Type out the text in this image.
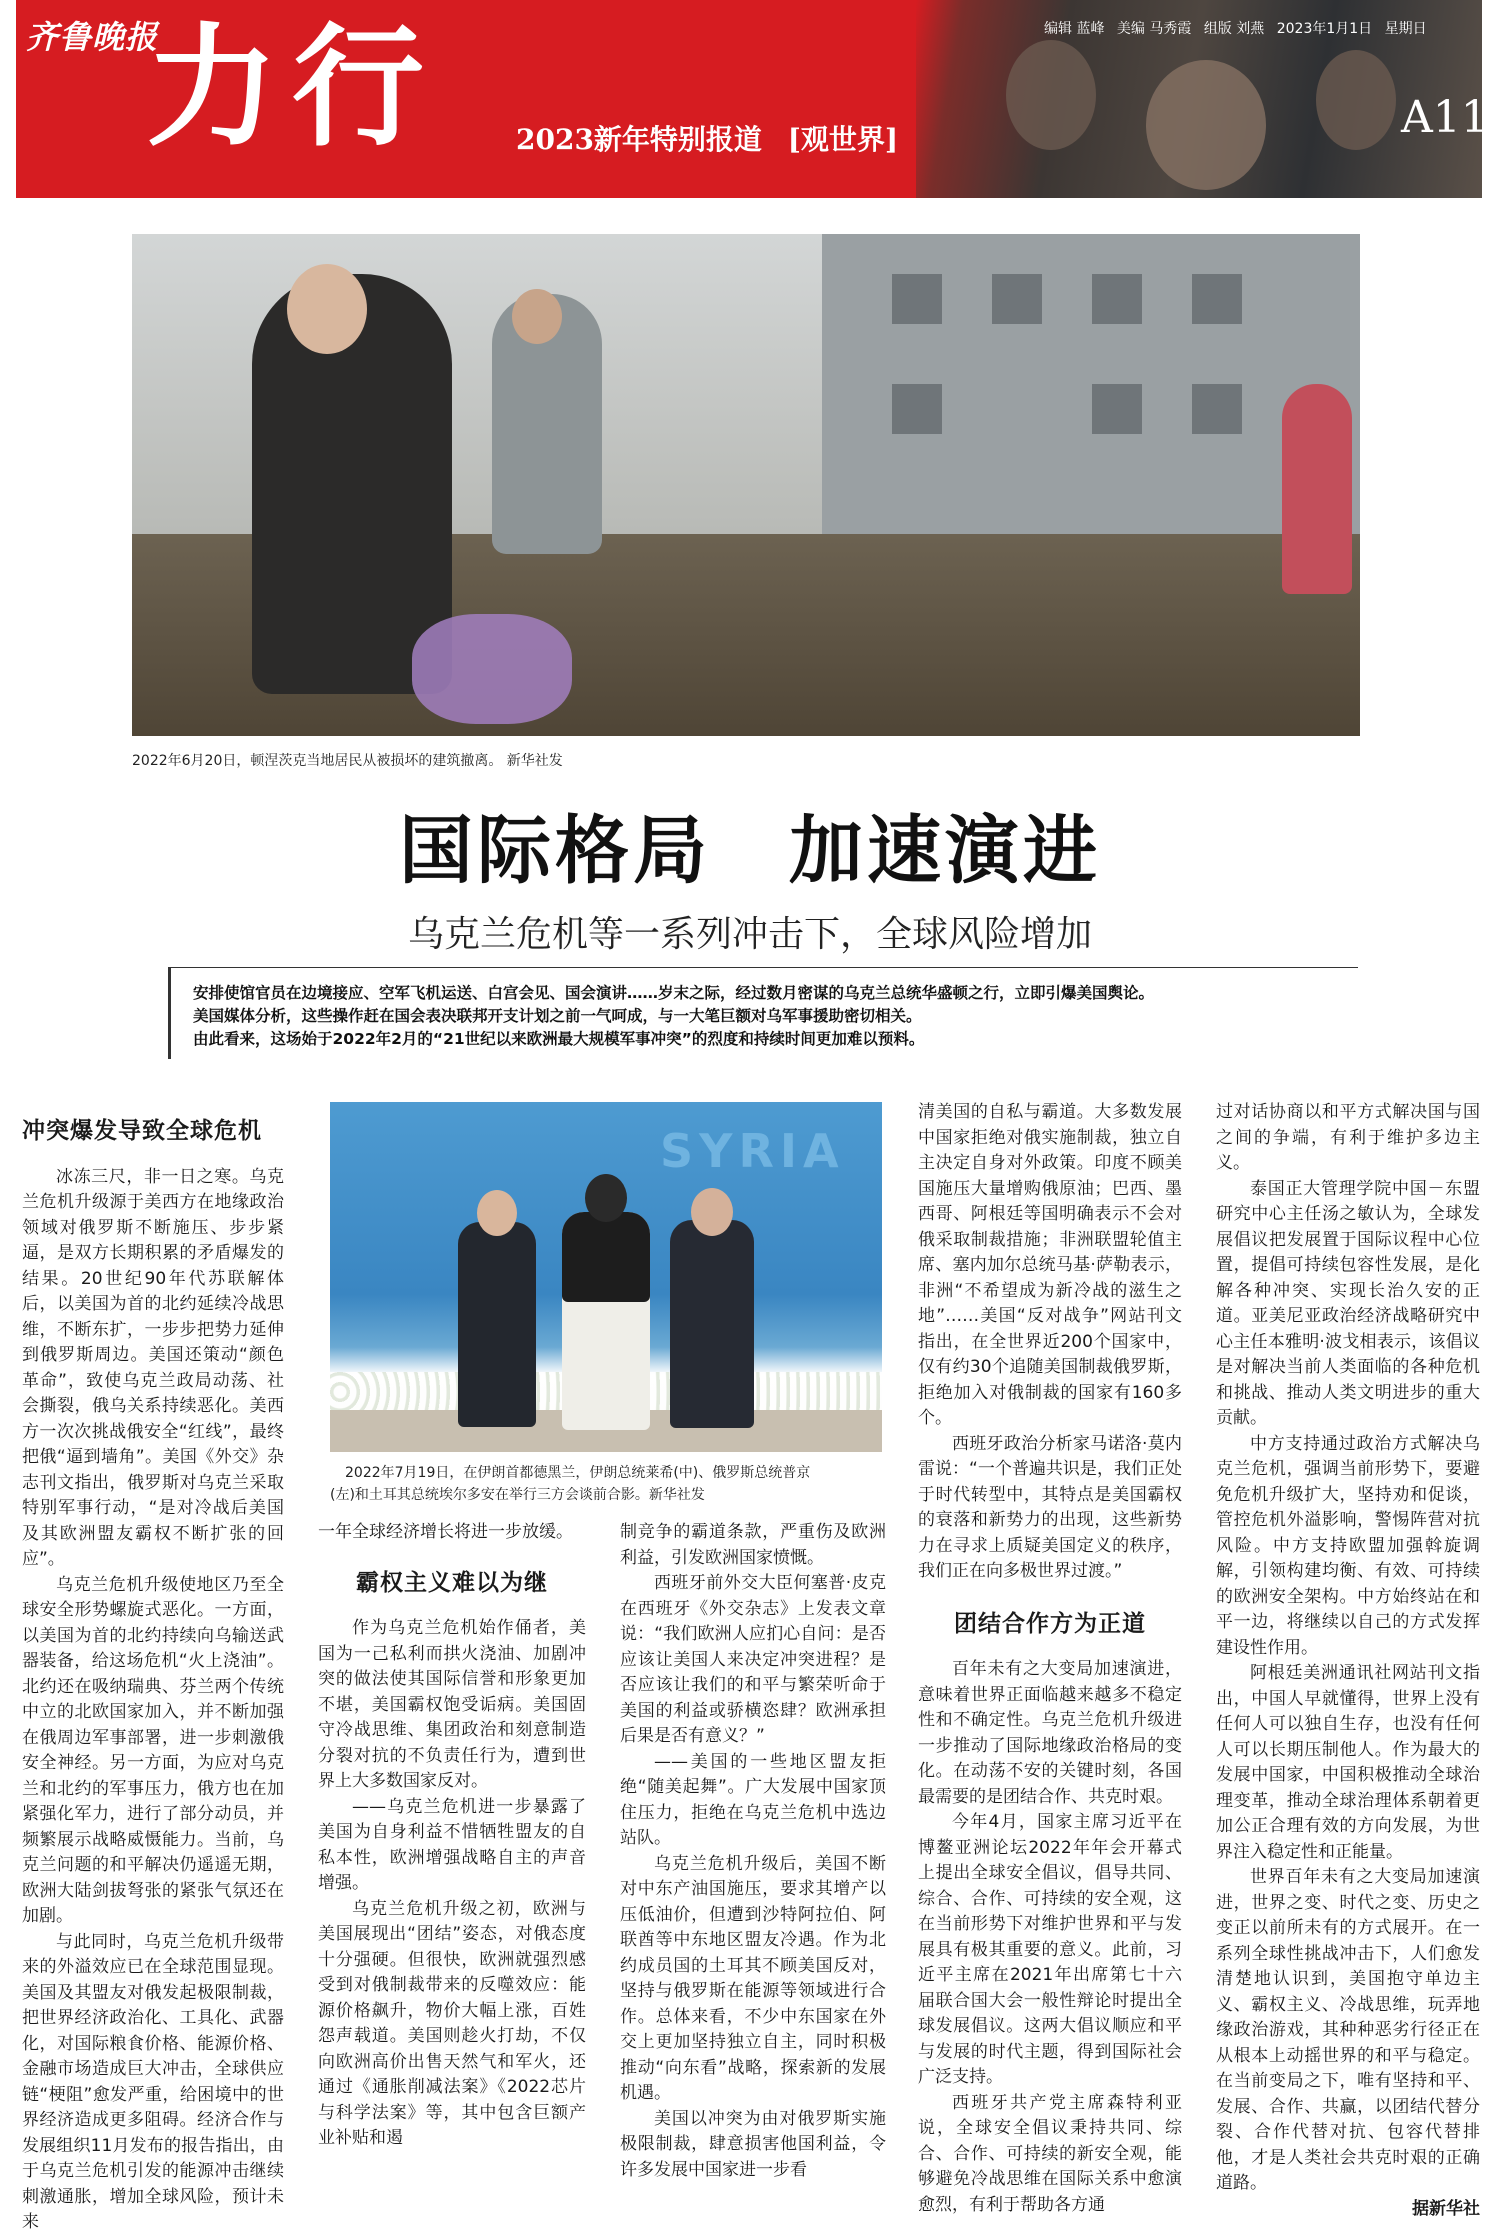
齐鲁晚报
力行	2023新年特别报道 [观世界]
编辑 蓝峰 美编 马秀霞 组版 刘燕 2023年1月1日 星期日
A11
2022年6月20日，顿涅茨克当地居民从被损坏的建筑撤离。 新华社发
国际格局　加速演进
乌克兰危机等一系列冲击下，全球风险增加

安排使馆官员在边境接应、空军飞机运送、白宫会见、国会演讲……岁末之际，经过数月密谋的乌克兰总统华盛顿之行，立即引爆美国舆论。

美国媒体分析，这些操作赶在国会表决联邦开支计划之前一气呵成，与一大笔巨额对乌军事援助密切相关。

由此看来，这场始于2022年2月的“21世纪以来欧洲最大规模军事冲突”的烈度和持续时间更加难以预料。

SYRIA
2022年7月19日，在伊朗首都德黑兰，伊朗总统莱希(中)、俄罗斯总统普京
(左)和土耳其总统埃尔多安在举行三方会谈前合影。新华社发
冲突爆发导致全球危机

冰冻三尺，非一日之寒。乌克兰危机升级源于美西方在地缘政治领域对俄罗斯不断施压、步步紧逼，是双方长期积累的矛盾爆发的结果。20世纪90年代苏联解体后，以美国为首的北约延续冷战思维，不断东扩，一步步把势力延伸到俄罗斯周边。美国还策动“颜色革命”，致使乌克兰政局动荡、社会撕裂，俄乌关系持续恶化。美西方一次次挑战俄安全“红线”，最终把俄“逼到墙角”。美国《外交》杂志刊文指出，俄罗斯对乌克兰采取特别军事行动，“是对冷战后美国及其欧洲盟友霸权不断扩张的回应”。

乌克兰危机升级使地区乃至全球安全形势螺旋式恶化。一方面，以美国为首的北约持续向乌输送武器装备，给这场危机“火上浇油”。北约还在吸纳瑞典、芬兰两个传统中立的北欧国家加入，并不断加强在俄周边军事部署，进一步刺激俄安全神经。另一方面，为应对乌克兰和北约的军事压力，俄方也在加紧强化军力，进行了部分动员，并频繁展示战略威慑能力。当前，乌克兰问题的和平解决仍遥遥无期，欧洲大陆剑拔弩张的紧张气氛还在加剧。

与此同时，乌克兰危机升级带来的外溢效应已在全球范围显现。美国及其盟友对俄发起极限制裁，把世界经济政治化、工具化、武器化，对国际粮食价格、能源价格、金融市场造成巨大冲击，全球供应链“梗阻”愈发严重，给困境中的世界经济造成更多阻碍。经济合作与发展组织11月发布的报告指出，由于乌克兰危机引发的能源冲击继续刺激通胀，增加全球风险，预计未来

一年全球经济增长将进一步放缓。

霸权主义难以为继

作为乌克兰危机始作俑者，美国为一己私利而拱火浇油、加剧冲突的做法使其国际信誉和形象更加不堪，美国霸权饱受诟病。美国固守冷战思维、集团政治和刻意制造分裂对抗的不负责任行为，遭到世界上大多数国家反对。

——乌克兰危机进一步暴露了美国为自身利益不惜牺牲盟友的自私本性，欧洲增强战略自主的声音增强。

乌克兰危机升级之初，欧洲与美国展现出“团结”姿态，对俄态度十分强硬。但很快，欧洲就强烈感受到对俄制裁带来的反噬效应：能源价格飙升，物价大幅上涨，百姓怨声载道。美国则趁火打劫，不仅向欧洲高价出售天然气和军火，还通过《通胀削减法案》《2022芯片与科学法案》等，其中包含巨额产业补贴和遏

制竞争的霸道条款，严重伤及欧洲利益，引发欧洲国家愤慨。

西班牙前外交大臣何塞普·皮克在西班牙《外交杂志》上发表文章说：“我们欧洲人应扪心自问：是否应该让美国人来决定冲突进程？是否应该让我们的和平与繁荣听命于美国的利益或骄横恣肆？欧洲承担后果是否有意义？”

——美国的一些地区盟友拒绝“随美起舞”。广大发展中国家顶住压力，拒绝在乌克兰危机中选边站队。

乌克兰危机升级后，美国不断对中东产油国施压，要求其增产以压低油价，但遭到沙特阿拉伯、阿联酋等中东地区盟友冷遇。作为北约成员国的土耳其不顾美国反对，坚持与俄罗斯在能源等领域进行合作。总体来看，不少中东国家在外交上更加坚持独立自主，同时积极推动“向东看”战略，探索新的发展机遇。

美国以冲突为由对俄罗斯实施极限制裁，肆意损害他国利益，令许多发展中国家进一步看

清美国的自私与霸道。大多数发展中国家拒绝对俄实施制裁，独立自主决定自身对外政策。印度不顾美国施压大量增购俄原油；巴西、墨西哥、阿根廷等国明确表示不会对俄采取制裁措施；非洲联盟轮值主席、塞内加尔总统马基·萨勒表示，非洲“不希望成为新冷战的滋生之地”……美国“反对战争”网站刊文指出，在全世界近200个国家中，仅有约30个追随美国制裁俄罗斯，拒绝加入对俄制裁的国家有160多个。

西班牙政治分析家马诺洛·莫内雷说：“一个普遍共识是，我们正处于时代转型中，其特点是美国霸权的衰落和新势力的出现，这些新势力在寻求上质疑美国定义的秩序，我们正在向多极世界过渡。”

团结合作方为正道

百年未有之大变局加速演进，意味着世界正面临越来越多不稳定性和不确定性。乌克兰危机升级进一步推动了国际地缘政治格局的变化。在动荡不安的关键时刻，各国最需要的是团结合作、共克时艰。

今年4月，国家主席习近平在博鳌亚洲论坛2022年年会开幕式上提出全球安全倡议，倡导共同、综合、合作、可持续的安全观，这在当前形势下对维护世界和平与发展具有极其重要的意义。此前，习近平主席在2021年出席第七十六届联合国大会一般性辩论时提出全球发展倡议。这两大倡议顺应和平与发展的时代主题，得到国际社会广泛支持。

西班牙共产党主席森特利亚说，全球安全倡议秉持共同、综合、合作、可持续的新安全观，能够避免冷战思维在国际关系中愈演愈烈，有利于帮助各方通

过对话协商以和平方式解决国与国之间的争端，有利于维护多边主义。

泰国正大管理学院中国－东盟研究中心主任汤之敏认为，全球发展倡议把发展置于国际议程中心位置，提倡可持续包容性发展，是化解各种冲突、实现长治久安的正道。亚美尼亚政治经济战略研究中心主任本雅明·波戈相表示，该倡议是对解决当前人类面临的各种危机和挑战、推动人类文明进步的重大贡献。

中方支持通过政治方式解决乌克兰危机，强调当前形势下，要避免危机升级扩大，坚持劝和促谈，管控危机外溢影响，警惕阵营对抗风险。中方支持欧盟加强斡旋调解，引领构建均衡、有效、可持续的欧洲安全架构。中方始终站在和平一边，将继续以自己的方式发挥建设性作用。

阿根廷美洲通讯社网站刊文指出，中国人早就懂得，世界上没有任何人可以独自生存，也没有任何人可以长期压制他人。作为最大的发展中国家，中国积极推动全球治理变革，推动全球治理体系朝着更加公正合理有效的方向发展，为世界注入稳定性和正能量。

世界百年未有之大变局加速演进，世界之变、时代之变、历史之变正以前所未有的方式展开。在一系列全球性挑战冲击下，人们愈发清楚地认识到，美国抱守单边主义、霸权主义、冷战思维，玩弄地缘政治游戏，其种种恶劣行径正在从根本上动摇世界的和平与稳定。在当前变局之下，唯有坚持和平、发展、合作、共赢，以团结代替分裂、合作代替对抗、包容代替排他，才是人类社会共克时艰的正确道路。

据新华社
